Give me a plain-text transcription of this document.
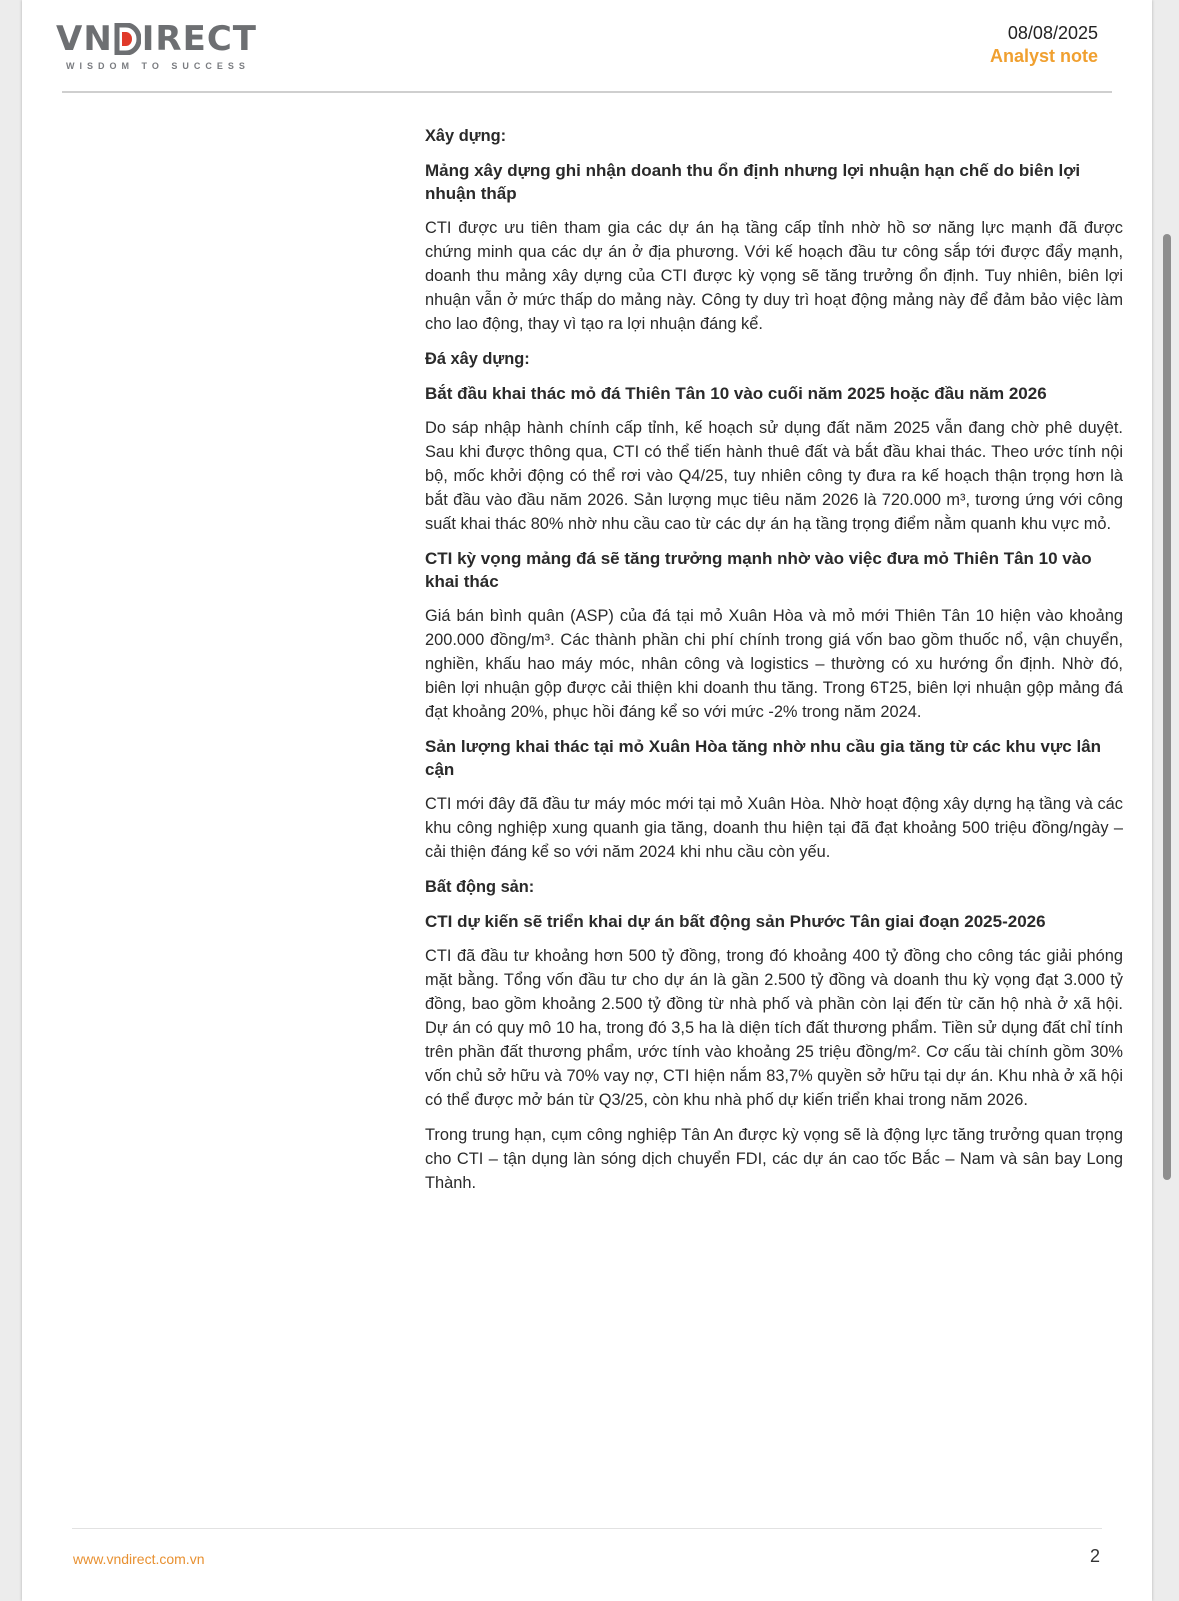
VN IRECT
WISDOM TO SUCCESS
08/08/2025
Analyst note
Xây dựng:
Mảng xây dựng ghi nhận doanh thu ổn định nhưng lợi nhuận hạn chế do biên lợi nhuận thấp

CTI được ưu tiên tham gia các dự án hạ tầng cấp tỉnh nhờ hồ sơ năng lực mạnh đã được chứng minh qua các dự án ở địa phương. Với kế hoạch đầu tư công sắp tới được đẩy mạnh, doanh thu mảng xây dựng của CTI được kỳ vọng sẽ tăng trưởng ổn định. Tuy nhiên, biên lợi nhuận vẫn ở mức thấp do mảng này. Công ty duy trì hoạt động mảng này để đảm bảo việc làm cho lao động, thay vì tạo ra lợi nhuận đáng kể.

Đá xây dựng:
Bắt đầu khai thác mỏ đá Thiên Tân 10 vào cuối năm 2025 hoặc đầu năm 2026

Do sáp nhập hành chính cấp tỉnh, kế hoạch sử dụng đất năm 2025 vẫn đang chờ phê duyệt. Sau khi được thông qua, CTI có thể tiến hành thuê đất và bắt đầu khai thác. Theo ước tính nội bộ, mốc khởi động có thể rơi vào Q4/25, tuy nhiên công ty đưa ra kế hoạch thận trọng hơn là bắt đầu vào đầu năm 2026. Sản lượng mục tiêu năm 2026 là 720.000 m³, tương ứng với công suất khai thác 80% nhờ nhu cầu cao từ các dự án hạ tầng trọng điểm nằm quanh khu vực mỏ.

CTI kỳ vọng mảng đá sẽ tăng trưởng mạnh nhờ vào việc đưa mỏ Thiên Tân 10 vào khai thác

Giá bán bình quân (ASP) của đá tại mỏ Xuân Hòa và mỏ mới Thiên Tân 10 hiện vào khoảng 200.000 đồng/m³. Các thành phần chi phí chính trong giá vốn bao gồm thuốc nổ, vận chuyển, nghiền, khấu hao máy móc, nhân công và logistics – thường có xu hướng ổn định. Nhờ đó, biên lợi nhuận gộp được cải thiện khi doanh thu tăng. Trong 6T25, biên lợi nhuận gộp mảng đá đạt khoảng 20%, phục hồi đáng kể so với mức -2% trong năm 2024.

Sản lượng khai thác tại mỏ Xuân Hòa tăng nhờ nhu cầu gia tăng từ các khu vực lân cận

CTI mới đây đã đầu tư máy móc mới tại mỏ Xuân Hòa. Nhờ hoạt động xây dựng hạ tầng và các khu công nghiệp xung quanh gia tăng, doanh thu hiện tại đã đạt khoảng 500 triệu đồng/ngày – cải thiện đáng kể so với năm 2024 khi nhu cầu còn yếu.

Bất động sản:
CTI dự kiến sẽ triển khai dự án bất động sản Phước Tân giai đoạn 2025-2026

CTI đã đầu tư khoảng hơn 500 tỷ đồng, trong đó khoảng 400 tỷ đồng cho công tác giải phóng mặt bằng. Tổng vốn đầu tư cho dự án là gần 2.500 tỷ đồng và doanh thu kỳ vọng đạt 3.000 tỷ đồng, bao gồm khoảng 2.500 tỷ đồng từ nhà phố và phần còn lại đến từ căn hộ nhà ở xã hội. Dự án có quy mô 10 ha, trong đó 3,5 ha là diện tích đất thương phẩm. Tiền sử dụng đất chỉ tính trên phần đất thương phẩm, ước tính vào khoảng 25 triệu đồng/m². Cơ cấu tài chính gồm 30% vốn chủ sở hữu và 70% vay nợ, CTI hiện nắm 83,7% quyền sở hữu tại dự án. Khu nhà ở xã hội có thể được mở bán từ Q3/25, còn khu nhà phố dự kiến triển khai trong năm 2026.

Trong trung hạn, cụm công nghiệp Tân An được kỳ vọng sẽ là động lực tăng trưởng quan trọng cho CTI – tận dụng làn sóng dịch chuyển FDI, các dự án cao tốc Bắc – Nam và sân bay Long Thành.

www.vndirect.com.vn	2
